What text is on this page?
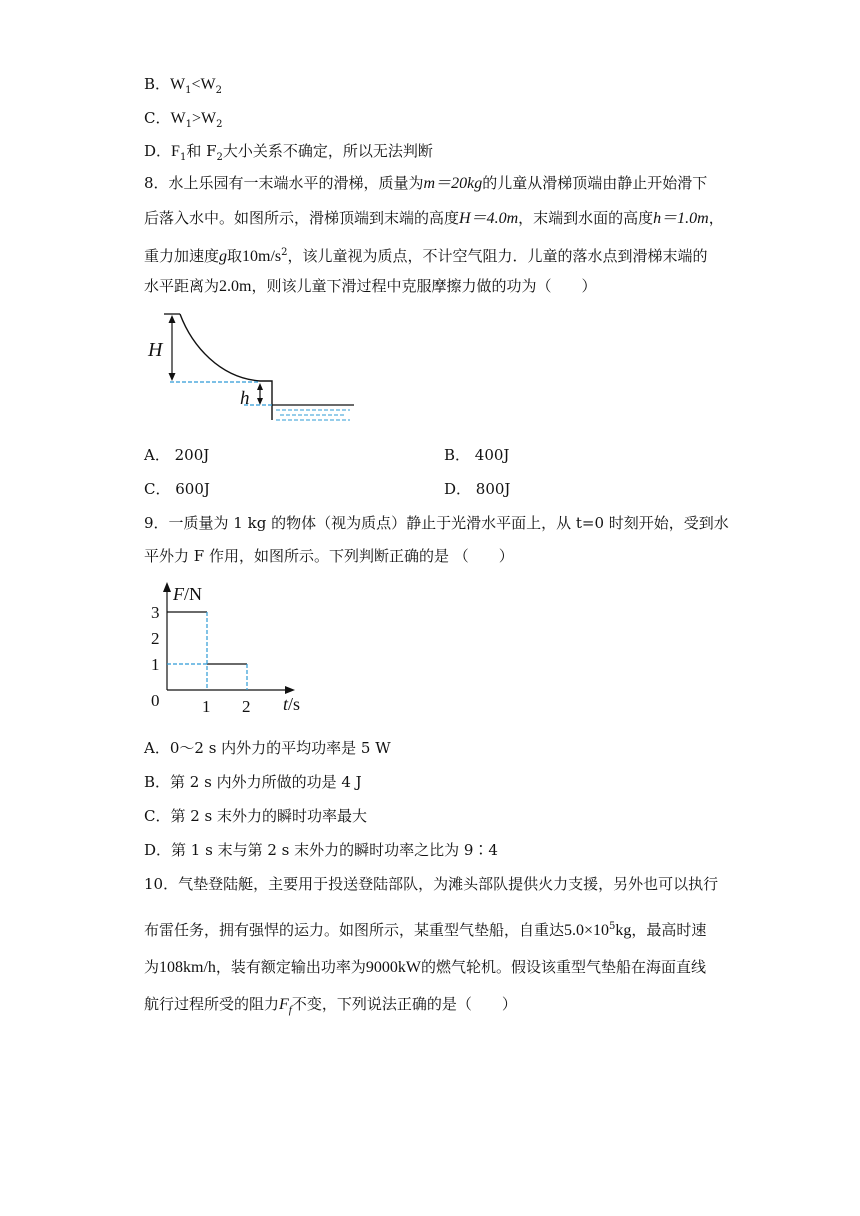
B．$W_1<W_2$
C．$W_1>W_2$
D．$F_1$和 $F_2$大小关系不确定，所以无法判断
8．水上乐园有一末端水平的滑梯，质量为m＝20kg的儿童从滑梯顶端由静止开始滑下
后落入水中。如图所示，滑梯顶端到末端的高度H＝4.0m，末端到水面的高度h＝1.0m，
重力加速度g取$10m/s^2$，该儿童视为质点，不计空气阻力．儿童的落水点到滑梯末端的
水平距离为2.0m，则该儿童下滑过程中克服摩擦力做的功为（　　）
H
h
A． 200J	B． 400J
C． 600J	D． 800J
9．一质量为 1 kg 的物体（视为质点）静止于光滑水平面上，从 t=0 时刻开始，受到水
平外力 F 作用，如图所示。下列判断正确的是 （　　）
F/N
t/s
0
1
2
3
1 2
A．0～2 s 内外力的平均功率是 5 W
B．第 2 s 内外力所做的功是 4 J
C．第 2 s 末外力的瞬时功率最大
D．第 1 s 末与第 2 s 末外力的瞬时功率之比为 9∶4
10．气垫登陆艇，主要用于投送登陆部队，为滩头部队提供火力支援，另外也可以执行
布雷任务，拥有强悍的运力。如图所示，某重型气垫船，自重达$5.0\times 10^5kg$，最高时速
为108km/h，装有额定输出功率为9000kW的燃气轮机。假设该重型气垫船在海面直线
航行过程所受的阻力$F_f$不变，下列说法正确的是（　　）
